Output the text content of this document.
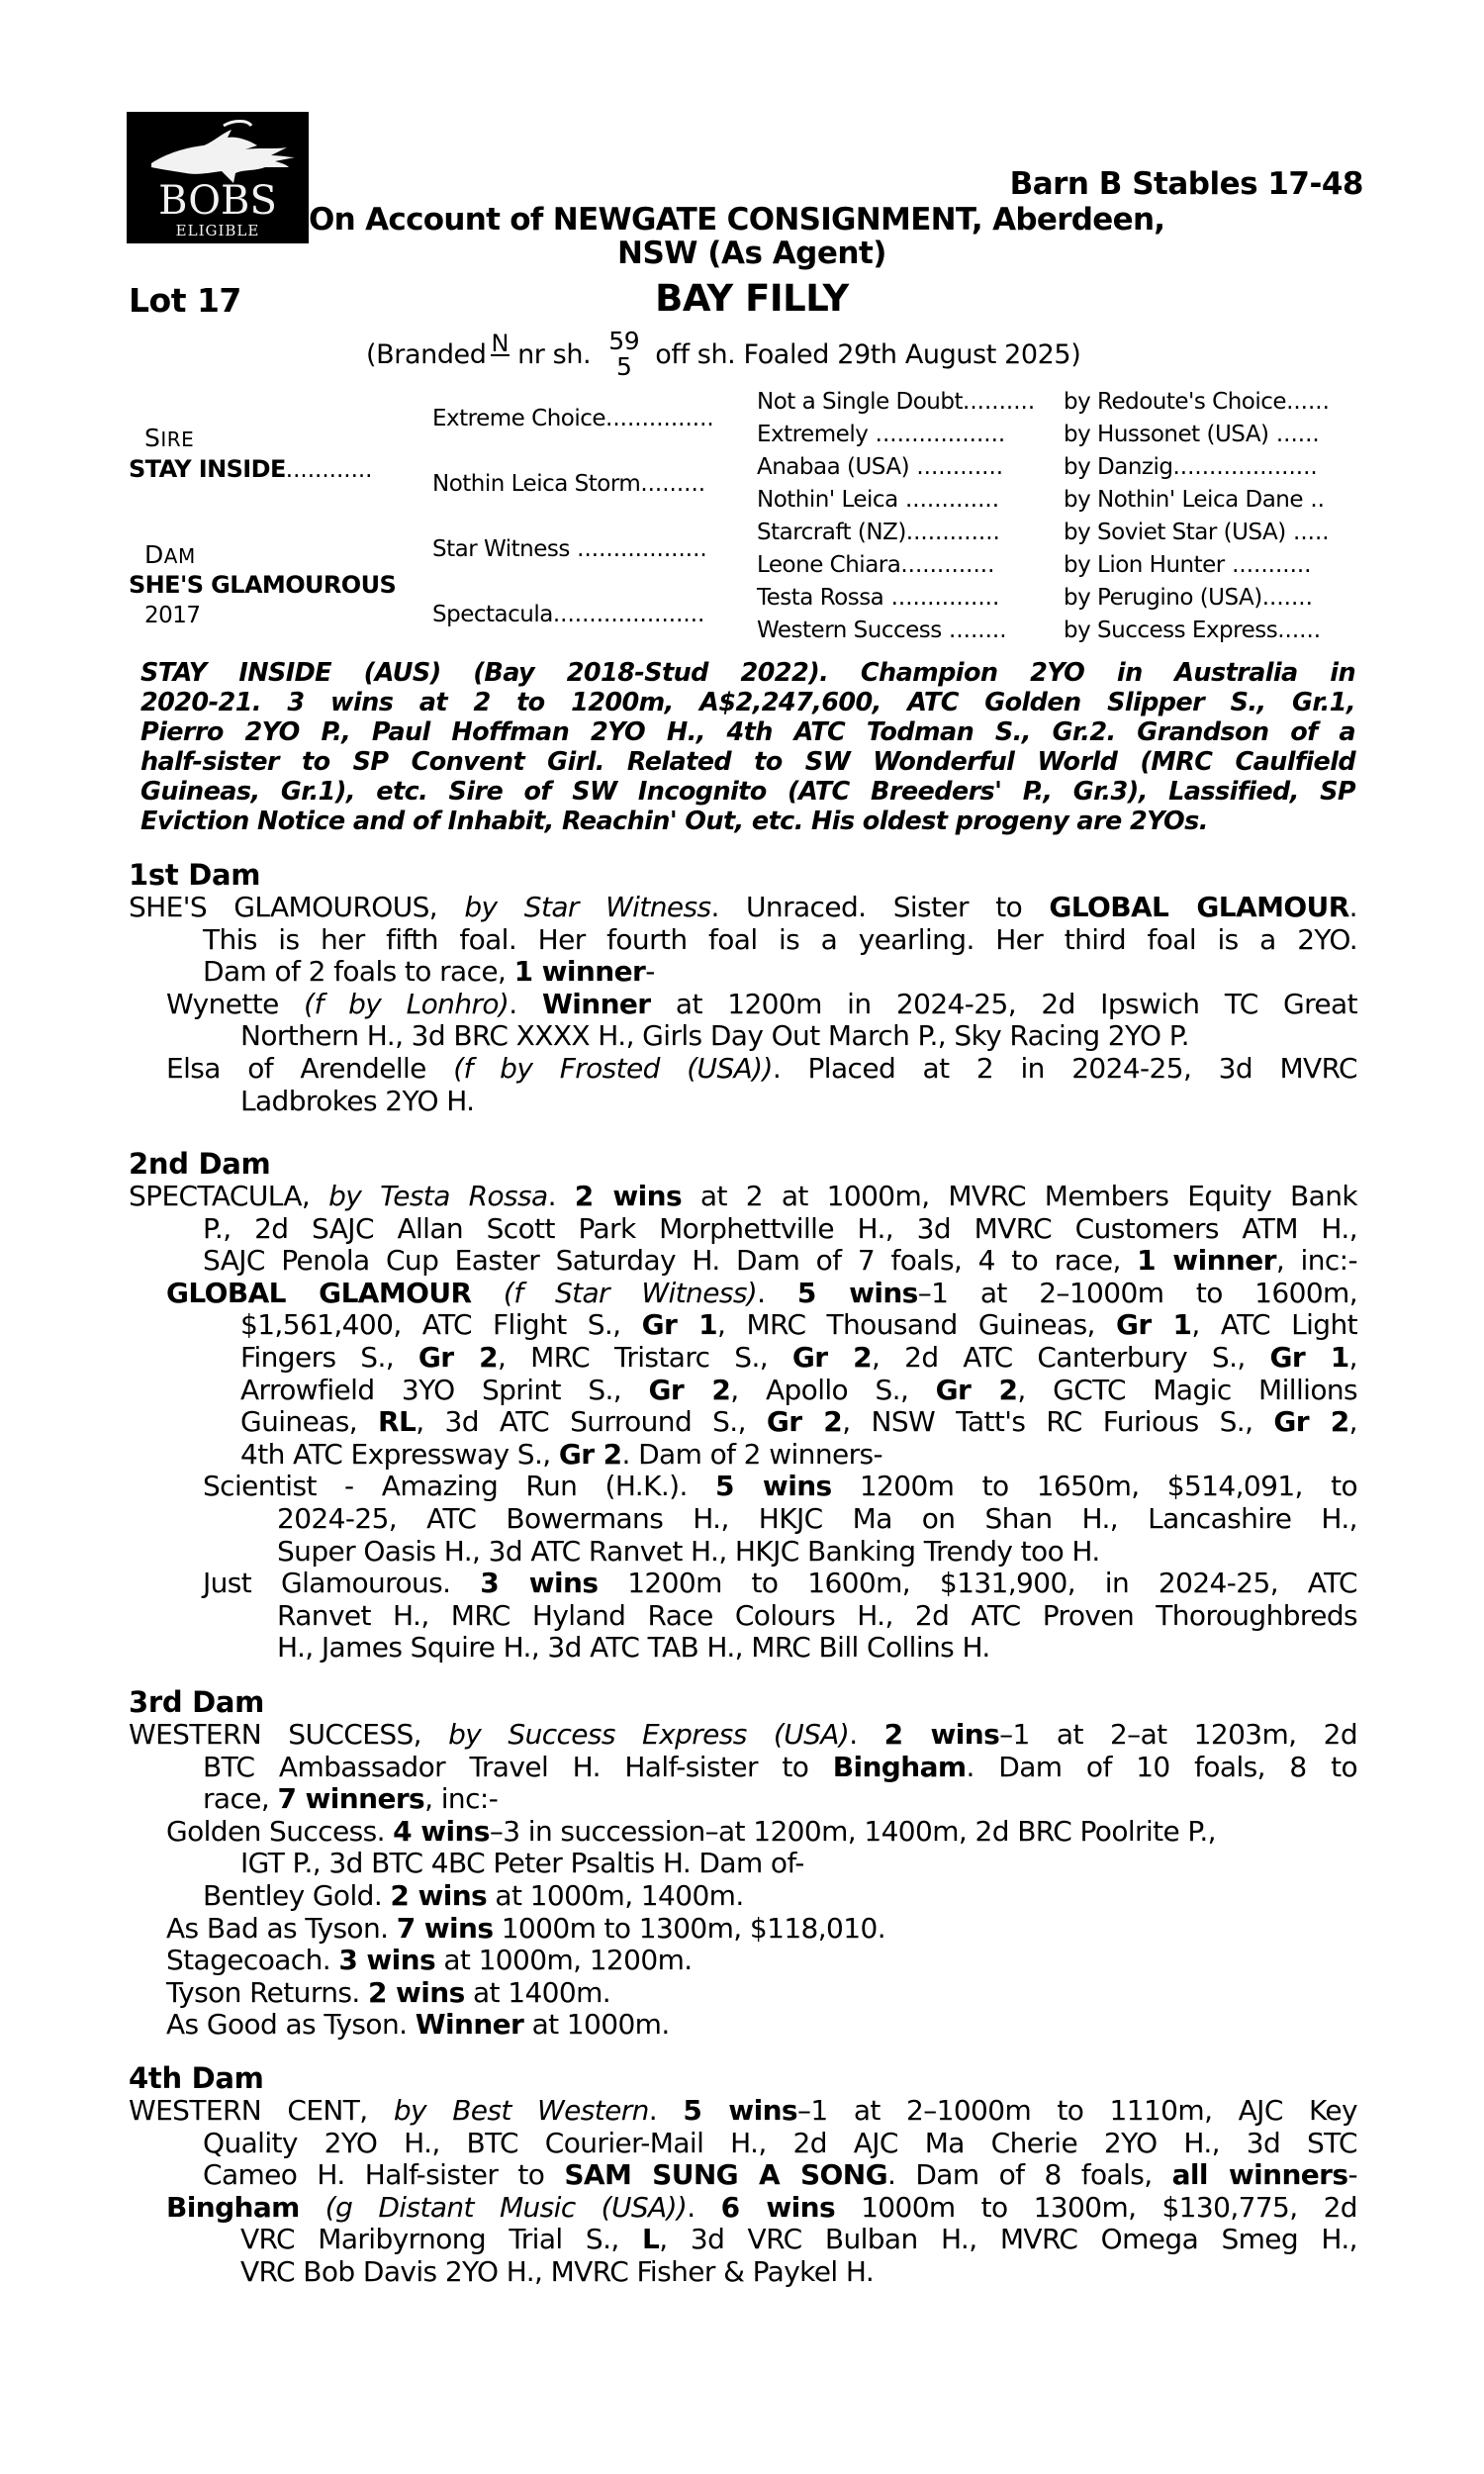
BOBS
ELIGIBLE
Barn B Stables 17-48
On Account of NEWGATE CONSIGNMENT, Aberdeen,
NSW (As Agent)
Lot 17	BAY FILLY
(Branded N nr sh. 59
5 off sh. Foaled 29th August 2025)
SIRE
STAY INSIDE............
DAM
SHE'S GLAMOUROUS
2017
Extreme Choice...............
Nothin Leica Storm.........
Star Witness ..................
Spectacula.....................
Not a Single Doubt.......... by Redoute's Choice......
Extremely ..................	by Hussonet (USA) ......
Anabaa (USA) ............	by Danzig....................
Nothin' Leica .............	by Nothin' Leica Dane ..
Starcraft (NZ).............	by Soviet Star (USA) .....
Leone Chiara.............	by Lion Hunter ...........
Testa Rossa ...............	by Perugino (USA).......
Western Success ........ by Success Express......
STAY INSIDE (AUS) (Bay 2018-Stud 2022). Champion 2YO in Australia in
2020-21. 3 wins at 2 to 1200m, A$2,247,600, ATC Golden Slipper S., Gr.1,
Pierro 2YO P., Paul Hoffman 2YO H., 4th ATC Todman S., Gr.2. Grandson of a
half-sister to SP Convent Girl. Related to SW Wonderful World (MRC Caulfield
Guineas, Gr.1), etc. Sire of SW Incognito (ATC Breeders' P., Gr.3), Lassified, SP
Eviction Notice and of Inhabit, Reachin' Out, etc. His oldest progeny are 2YOs.
1st Dam
SHE'S GLAMOUROUS, by Star Witness. Unraced. Sister to GLOBAL GLAMOUR.
This is her fifth foal. Her fourth foal is a yearling. Her third foal is a 2YO.
Dam of 2 foals to race, 1 winner-
Wynette (f by Lonhro). Winner at 1200m in 2024-25, 2d Ipswich TC Great
Northern H., 3d BRC XXXX H., Girls Day Out March P., Sky Racing 2YO P.
Elsa of Arendelle (f by Frosted (USA)). Placed at 2 in 2024-25, 3d MVRC
Ladbrokes 2YO H.
2nd Dam
SPECTACULA, by Testa Rossa. 2 wins at 2 at 1000m, MVRC Members Equity Bank
P., 2d SAJC Allan Scott Park Morphettville H., 3d MVRC Customers ATM H.,
SAJC Penola Cup Easter Saturday H. Dam of 7 foals, 4 to race, 1 winner, inc:-
GLOBAL GLAMOUR (f Star Witness). 5 wins–1 at 2–1000m to 1600m,
$1,561,400, ATC Flight S., Gr 1, MRC Thousand Guineas, Gr 1, ATC Light
Fingers S., Gr 2, MRC Tristarc S., Gr 2, 2d ATC Canterbury S., Gr 1,
Arrowfield 3YO Sprint S., Gr 2, Apollo S., Gr 2, GCTC Magic Millions
Guineas, RL, 3d ATC Surround S., Gr 2, NSW Tatt's RC Furious S., Gr 2,
4th ATC Expressway S., Gr 2. Dam of 2 winners-
Scientist - Amazing Run (H.K.). 5 wins 1200m to 1650m, $514,091, to
2024-25, ATC Bowermans H., HKJC Ma on Shan H., Lancashire H.,
Super Oasis H., 3d ATC Ranvet H., HKJC Banking Trendy too H.
Just Glamourous. 3 wins 1200m to 1600m, $131,900, in 2024-25, ATC
Ranvet H., MRC Hyland Race Colours H., 2d ATC Proven Thoroughbreds
H., James Squire H., 3d ATC TAB H., MRC Bill Collins H.
3rd Dam
WESTERN SUCCESS, by Success Express (USA). 2 wins–1 at 2–at 1203m, 2d
BTC Ambassador Travel H. Half-sister to Bingham. Dam of 10 foals, 8 to
race, 7 winners, inc:-
Golden Success. 4 wins–3 in succession–at 1200m, 1400m, 2d BRC Poolrite P.,
IGT P., 3d BTC 4BC Peter Psaltis H. Dam of-
Bentley Gold. 2 wins at 1000m, 1400m.
As Bad as Tyson. 7 wins 1000m to 1300m, $118,010.
Stagecoach. 3 wins at 1000m, 1200m.
Tyson Returns. 2 wins at 1400m.
As Good as Tyson. Winner at 1000m.
4th Dam
WESTERN CENT, by Best Western. 5 wins–1 at 2–1000m to 1110m, AJC Key
Quality 2YO H., BTC Courier-Mail H., 2d AJC Ma Cherie 2YO H., 3d STC
Cameo H. Half-sister to SAM SUNG A SONG. Dam of 8 foals, all winners-
Bingham (g Distant Music (USA)). 6 wins 1000m to 1300m, $130,775, 2d
VRC Maribyrnong Trial S., L, 3d VRC Bulban H., MVRC Omega Smeg H.,
VRC Bob Davis 2YO H., MVRC Fisher & Paykel H.
